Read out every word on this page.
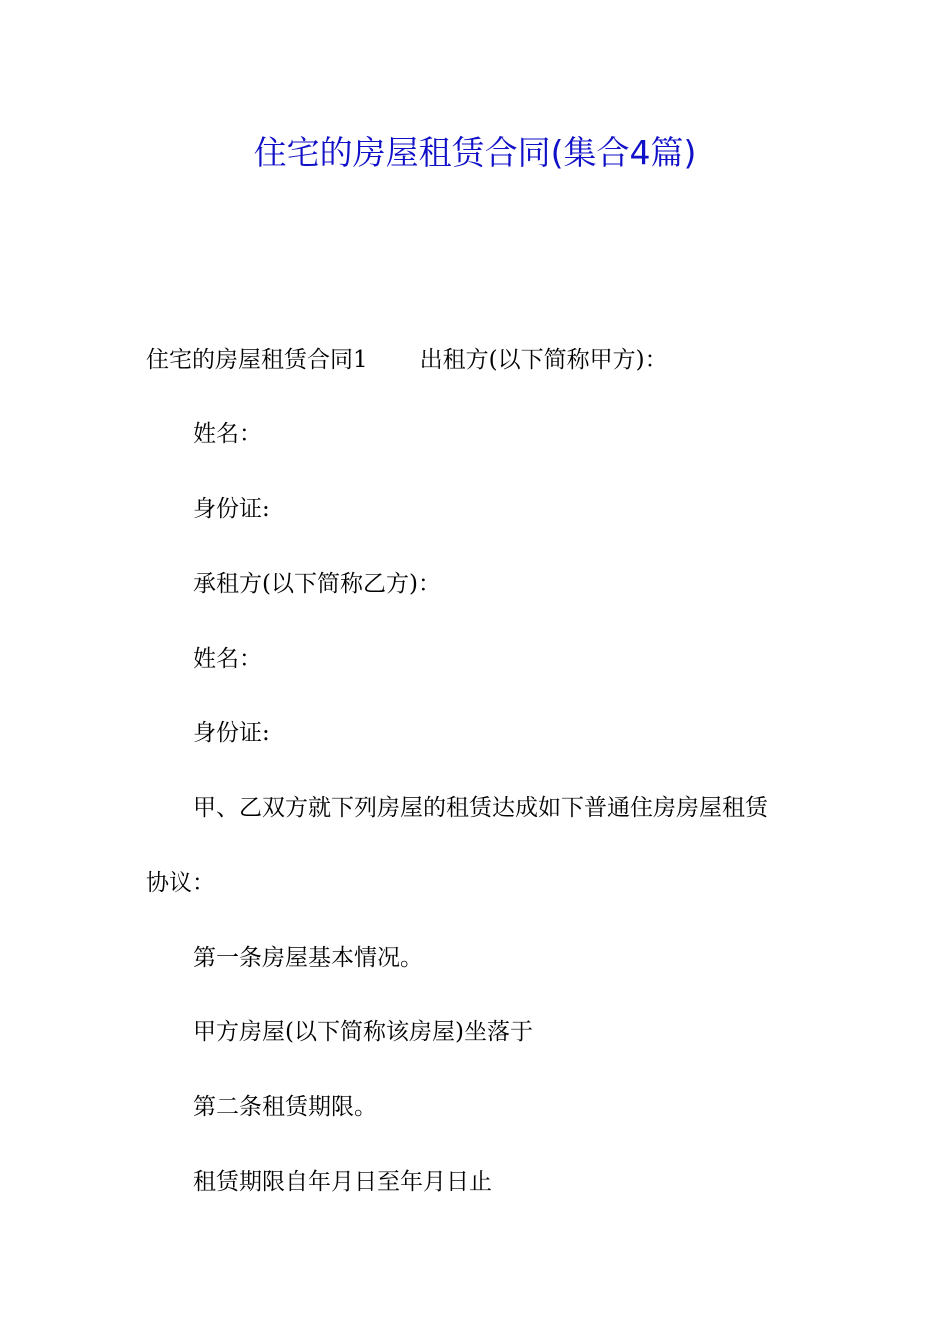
住宅的房屋租赁合同(集合4篇)
住宅的房屋租赁合同1 出租方(以下简称甲方)：
姓名：
身份证:
承租方(以下简称乙方)：
姓名：
身份证:
甲、乙双方就下列房屋的租赁达成如下普通住房房屋租赁
协议：
第一条房屋基本情况。
甲方房屋(以下简称该房屋)坐落于
第二条租赁期限。
租赁期限自年月日至年月日止
